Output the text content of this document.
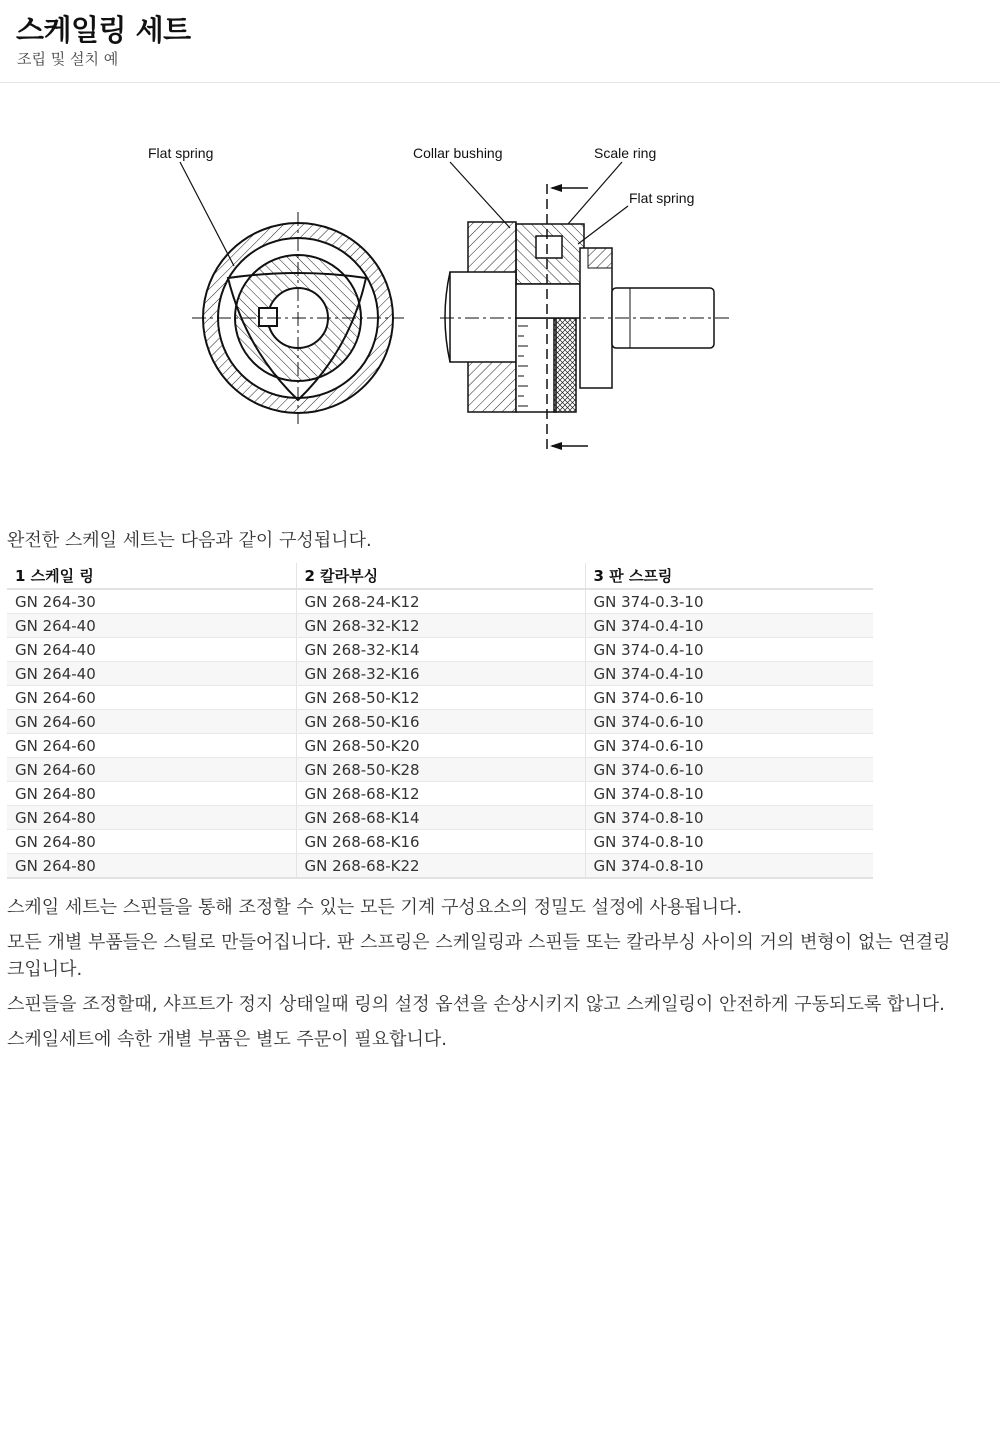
스케일링 세트
조립 및 설치 예
Flat spring	Collar bushing	Scale ring
Flat spring
완전한 스케일 세트는 다음과 같이 구성됩니다.
1 스케일 링	2 칼라부싱	3 판 스프링
GN 264-30	GN 268-24-K12	GN 374-0.3-10
GN 264-40	GN 268-32-K12	GN 374-0.4-10
GN 264-40	GN 268-32-K14	GN 374-0.4-10
GN 264-40	GN 268-32-K16	GN 374-0.4-10
GN 264-60	GN 268-50-K12	GN 374-0.6-10
GN 264-60	GN 268-50-K16	GN 374-0.6-10
GN 264-60	GN 268-50-K20	GN 374-0.6-10
GN 264-60	GN 268-50-K28	GN 374-0.6-10
GN 264-80	GN 268-68-K12	GN 374-0.8-10
GN 264-80	GN 268-68-K14	GN 374-0.8-10
GN 264-80	GN 268-68-K16	GN 374-0.8-10
GN 264-80	GN 268-68-K22	GN 374-0.8-10
스케일 세트는 스핀들을 통해 조정할 수 있는 모든 기계 구성요소의 정밀도 설정에 사용됩니다.
모든 개별 부품들은 스틸로 만들어집니다. 판 스프링은 스케일링과 스핀들 또는 칼라부싱 사이의 거의 변형이 없는 연결링크입니다.
스핀들을 조정할때, 샤프트가 정지 상태일때 링의 설정 옵션을 손상시키지 않고 스케일링이 안전하게 구동되도록 합니다.
스케일세트에 속한 개별 부품은 별도 주문이 필요합니다.
